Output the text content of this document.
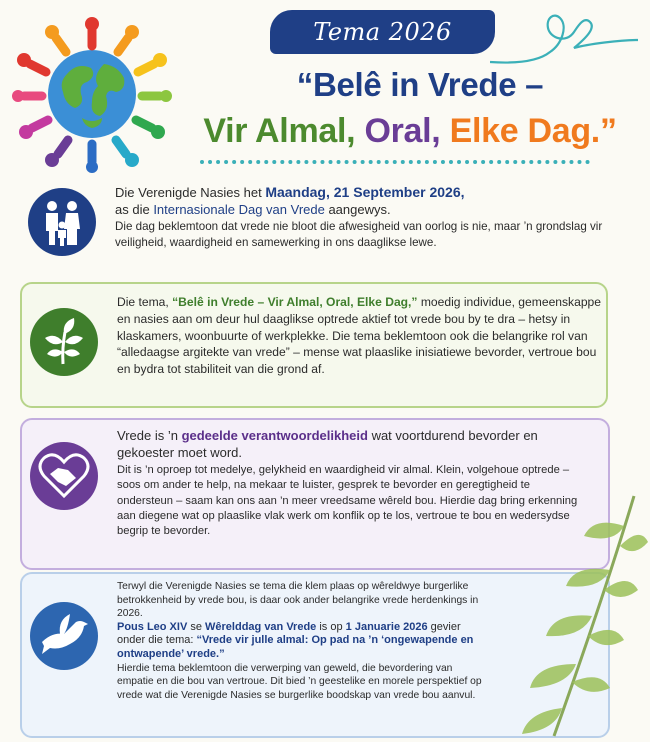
Tema 2026
“Belê in Vrede –
Vir Almal, Oral, Elke Dag.”
Die Verenigde Nasies het Maandag, 21 September 2026,
as die Internasionale Dag van Vrede aangewys.
Die dag beklemtoon dat vrede nie bloot die afwesigheid van oorlog is nie, maar ’n grondslag vir veiligheid, waardigheid en samewerking in ons daaglikse lewe.
Die tema, “Belê in Vrede – Vir Almal, Oral, Elke Dag,” moedig individue, gemeenskappe en nasies aan om deur hul daaglikse optrede aktief tot vrede bou by te dra – hetsy in klaskamers, woonbuurte of werkplekke. Die tema beklemtoon ook die belangrike rol van “alledaagse argitekte van vrede” – mense wat plaaslike inisiatiewe bevorder, vertroue bou en bydra tot stabiliteit van die grond af.
Vrede is ’n gedeelde verantwoordelikheid wat voortdurend bevorder en gekoester moet word.
Dit is ’n oproep tot medelye, gelykheid en waardigheid vir almal. Klein, volgehoue optrede – soos om ander te help, na mekaar te luister, gesprek te bevorder en geregtigheid te ondersteun – saam kan ons aan ’n meer vreedsame wêreld bou. Hierdie dag bring erkenning aan diegene wat op plaaslike vlak werk om konflik op te los, vertroue te bou en wedersydse begrip te bevorder.
Terwyl die Verenigde Nasies se tema die klem plaas op wêreldwye burgerlike betrokkenheid by vrede bou, is daar ook ander belangrike vrede herdenkings in 2026.
Pous Leo XIV se Wêrelddag van Vrede is op 1 Januarie 2026 gevier onder die tema: “Vrede vir julle almal: Op pad na ’n ‘ongewapende en ontwapende’ vrede.”
Hierdie tema beklemtoon die verwerping van geweld, die bevordering van empatie en die bou van vertroue. Dit bied ’n geestelike en morele perspektief op vrede wat die Verenigde Nasies se burgerlike boodskap van vrede bou aanvul.
